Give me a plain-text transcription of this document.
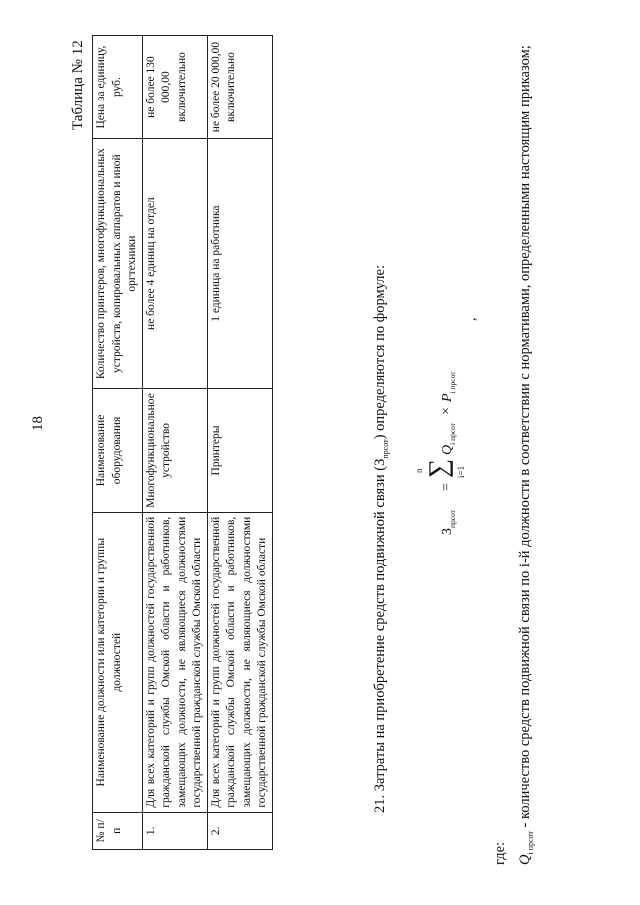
18
Таблица № 12
№ п/п	Наименование должности или категории и группы должностей	Наименование оборудования	Количество принтеров, многофункциональных устройств, копировальных аппаратов и иной оргтехники	Цена за единицу, руб.
1.	Для всех категорий и групп должностей государственной гражданской службы Омской области и работников, замещающих должности, не являющиеся должностями государственной гражданской службы Омской области	Многофункциональное устройство	не более 4 единиц на отдел	не более 130 000,00 включительно
2.	Для всех категорий и групп должностей государственной гражданской службы Омской области и работников, замещающих должности, не являющиеся должностями государственной гражданской службы Омской области	Принтеры	1 единица на работника	не более 20 000,00 включительно
21. Затраты на приобретение средств подвижной связи $(З_{прсот})$ определяются по формуле:
$З_{прсот}$
=
n ∑ i=1
$Q_{i прсот}$
×
$P_{i прсот}$
,
где: $Q_{i прсот}$ - количество средств подвижной связи по i-й должности в соответствии с нормативами, определенными настоящим приказом;
